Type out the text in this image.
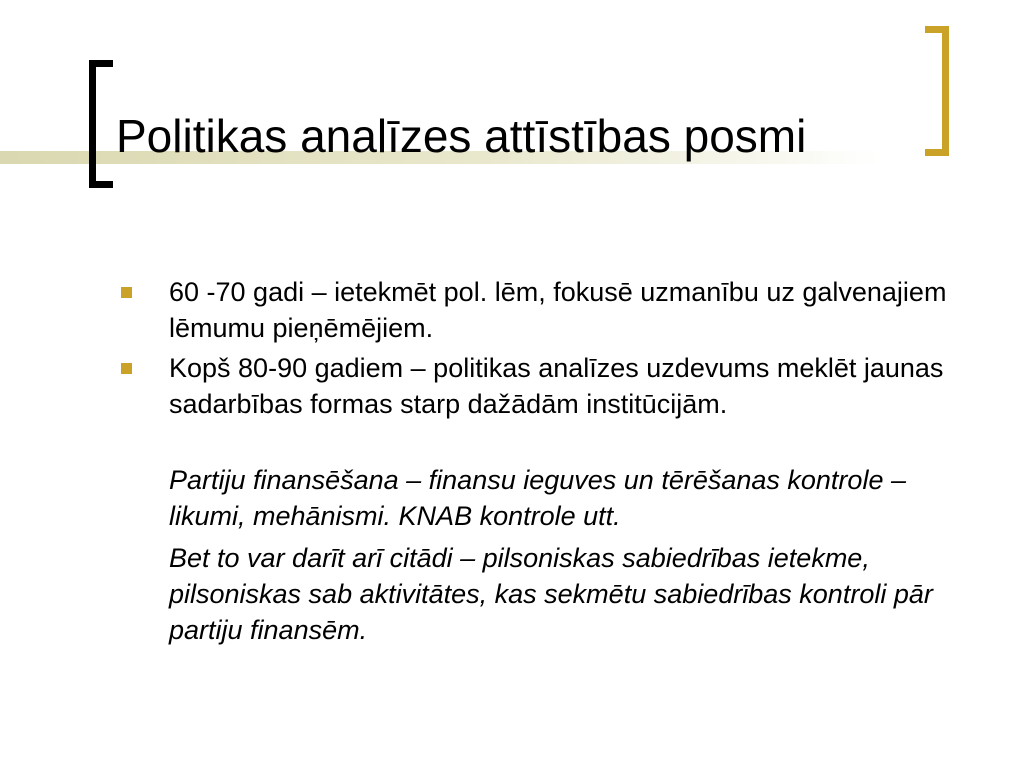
Politikas analīzes attīstības posmi
60 -70 gadi – ietekmēt pol. lēm, fokusē uzmanību uz galvenajiem lēmumu pieņēmējiem.
Kopš 80-90 gadiem – politikas analīzes uzdevums meklēt jaunas sadarbības formas starp dažādām institūcijām.
Partiju finansēšana – finansu ieguves un tērēšanas kontrole – likumi, mehānismi. KNAB kontrole utt.
Bet to var darīt arī citādi – pilsoniskas sabiedrības ietekme, pilsoniskas sab aktivitātes, kas sekmētu sabiedrības kontroli pār partiju finansēm.
